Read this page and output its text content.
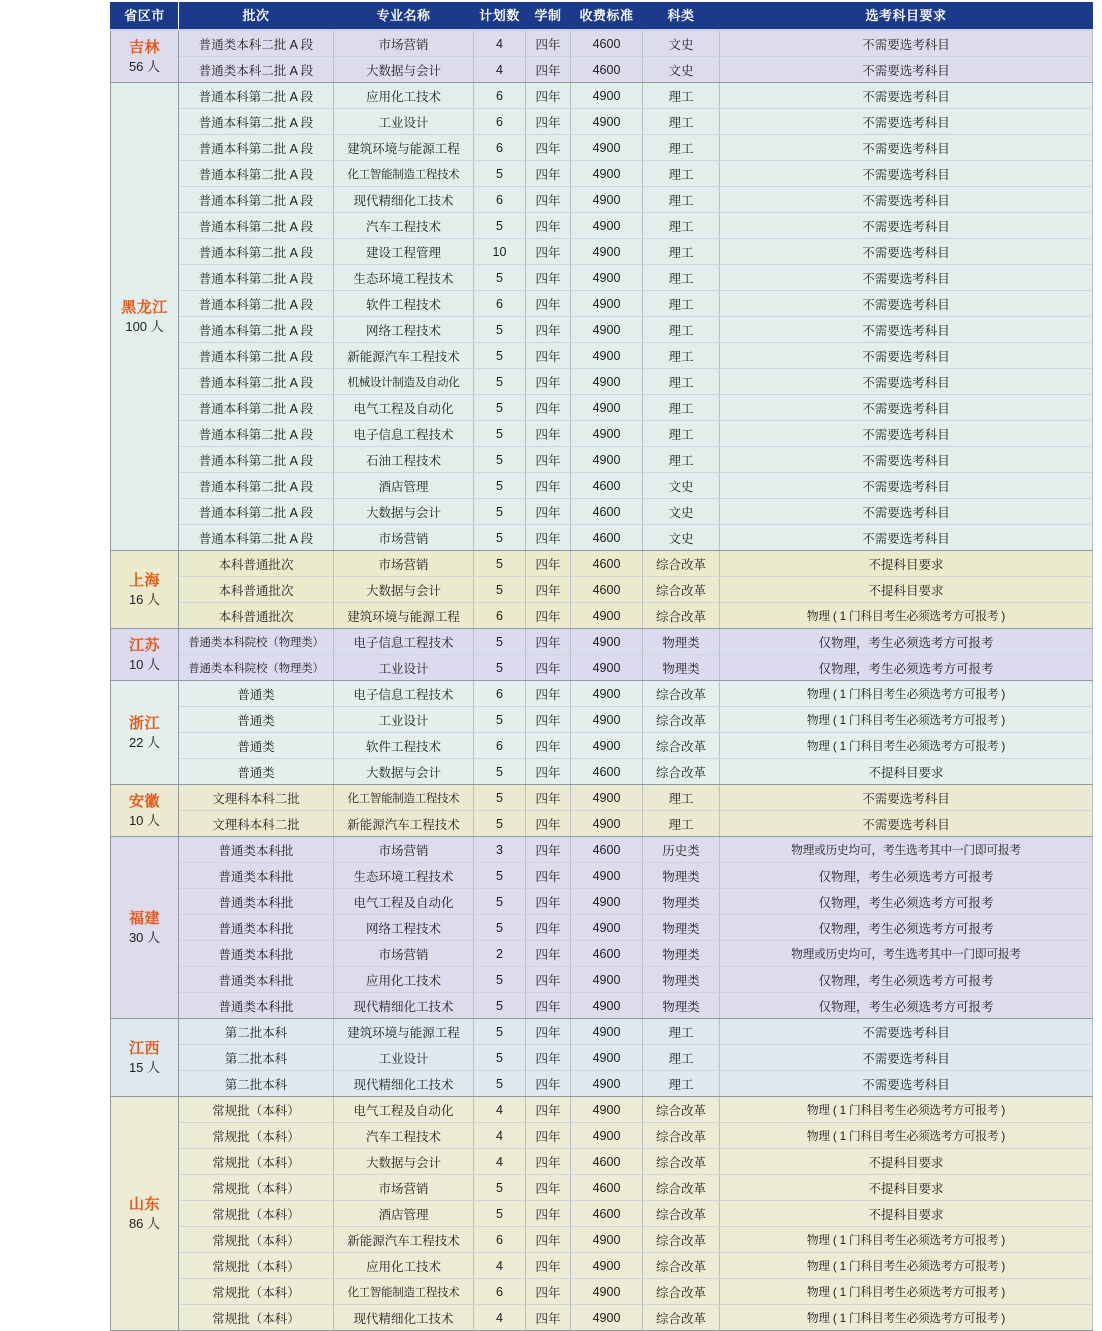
省区市	批次	专业名称	计划数	学制	收费标准	科类	选考科目要求

吉林
56 人	普通类本科二批 A 段	市场营销	4	四年	4600	文史	不需要选考科目
	普通类本科二批 A 段	大数据与会计	4	四年	4600	文史	不需要选考科目

黑龙江
100 人	普通本科第二批 A 段	应用化工技术	6	四年	4900	理工	不需要选考科目
	普通本科第二批 A 段	工业设计	6	四年	4900	理工	不需要选考科目
	普通本科第二批 A 段	建筑环境与能源工程	6	四年	4900	理工	不需要选考科目
	普通本科第二批 A 段	化工智能制造工程技术	5	四年	4900	理工	不需要选考科目
	普通本科第二批 A 段	现代精细化工技术	6	四年	4900	理工	不需要选考科目
	普通本科第二批 A 段	汽车工程技术	5	四年	4900	理工	不需要选考科目
	普通本科第二批 A 段	建设工程管理	10	四年	4900	理工	不需要选考科目
	普通本科第二批 A 段	生态环境工程技术	5	四年	4900	理工	不需要选考科目
	普通本科第二批 A 段	软件工程技术	6	四年	4900	理工	不需要选考科目
	普通本科第二批 A 段	网络工程技术	5	四年	4900	理工	不需要选考科目
	普通本科第二批 A 段	新能源汽车工程技术	5	四年	4900	理工	不需要选考科目
	普通本科第二批 A 段	机械设计制造及自动化	5	四年	4900	理工	不需要选考科目
	普通本科第二批 A 段	电气工程及自动化	5	四年	4900	理工	不需要选考科目
	普通本科第二批 A 段	电子信息工程技术	5	四年	4900	理工	不需要选考科目
	普通本科第二批 A 段	石油工程技术	5	四年	4900	理工	不需要选考科目
	普通本科第二批 A 段	酒店管理	5	四年	4600	文史	不需要选考科目
	普通本科第二批 A 段	大数据与会计	5	四年	4600	文史	不需要选考科目
	普通本科第二批 A 段	市场营销	5	四年	4600	文史	不需要选考科目

上海
16 人	本科普通批次	市场营销	5	四年	4600	综合改革	不提科目要求
	本科普通批次	大数据与会计	5	四年	4600	综合改革	不提科目要求
	本科普通批次	建筑环境与能源工程	6	四年	4900	综合改革	物理 ( 1 门科目考生必须选考方可报考 )

江苏
10 人	普通类本科院校（物理类）	电子信息工程技术	5	四年	4900	物理类	仅物理，考生必须选考方可报考
	普通类本科院校（物理类）	工业设计	5	四年	4900	物理类	仅物理，考生必须选考方可报考

浙江
22 人	普通类	电子信息工程技术	6	四年	4900	综合改革	物理 ( 1 门科目考生必须选考方可报考 )
	普通类	工业设计	5	四年	4900	综合改革	物理 ( 1 门科目考生必须选考方可报考 )
	普通类	软件工程技术	6	四年	4900	综合改革	物理 ( 1 门科目考生必须选考方可报考 )
	普通类	大数据与会计	5	四年	4600	综合改革	不提科目要求

安徽
10 人	文理科本科二批	化工智能制造工程技术	5	四年	4900	理工	不需要选考科目
	文理科本科二批	新能源汽车工程技术	5	四年	4900	理工	不需要选考科目

福建
30 人	普通类本科批	市场营销	3	四年	4600	历史类	物理或历史均可，考生选考其中一门即可报考
	普通类本科批	生态环境工程技术	5	四年	4900	物理类	仅物理，考生必须选考方可报考
	普通类本科批	电气工程及自动化	5	四年	4900	物理类	仅物理，考生必须选考方可报考
	普通类本科批	网络工程技术	5	四年	4900	物理类	仅物理，考生必须选考方可报考
	普通类本科批	市场营销	2	四年	4600	物理类	物理或历史均可，考生选考其中一门即可报考
	普通类本科批	应用化工技术	5	四年	4900	物理类	仅物理，考生必须选考方可报考
	普通类本科批	现代精细化工技术	5	四年	4900	物理类	仅物理，考生必须选考方可报考

江西
15 人	第二批本科	建筑环境与能源工程	5	四年	4900	理工	不需要选考科目
	第二批本科	工业设计	5	四年	4900	理工	不需要选考科目
	第二批本科	现代精细化工技术	5	四年	4900	理工	不需要选考科目

山东
86 人	常规批（本科）	电气工程及自动化	4	四年	4900	综合改革	物理 ( 1 门科目考生必须选考方可报考 )
	常规批（本科）	汽车工程技术	4	四年	4900	综合改革	物理 ( 1 门科目考生必须选考方可报考 )
	常规批（本科）	大数据与会计	4	四年	4600	综合改革	不提科目要求
	常规批（本科）	市场营销	5	四年	4600	综合改革	不提科目要求
	常规批（本科）	酒店管理	5	四年	4600	综合改革	不提科目要求
	常规批（本科）	新能源汽车工程技术	6	四年	4900	综合改革	物理 ( 1 门科目考生必须选考方可报考 )
	常规批（本科）	应用化工技术	4	四年	4900	综合改革	物理 ( 1 门科目考生必须选考方可报考 )
	常规批（本科）	化工智能制造工程技术	6	四年	4900	综合改革	物理 ( 1 门科目考生必须选考方可报考 )
	常规批（本科）	现代精细化工技术	4	四年	4900	综合改革	物理 ( 1 门科目考生必须选考方可报考 )
